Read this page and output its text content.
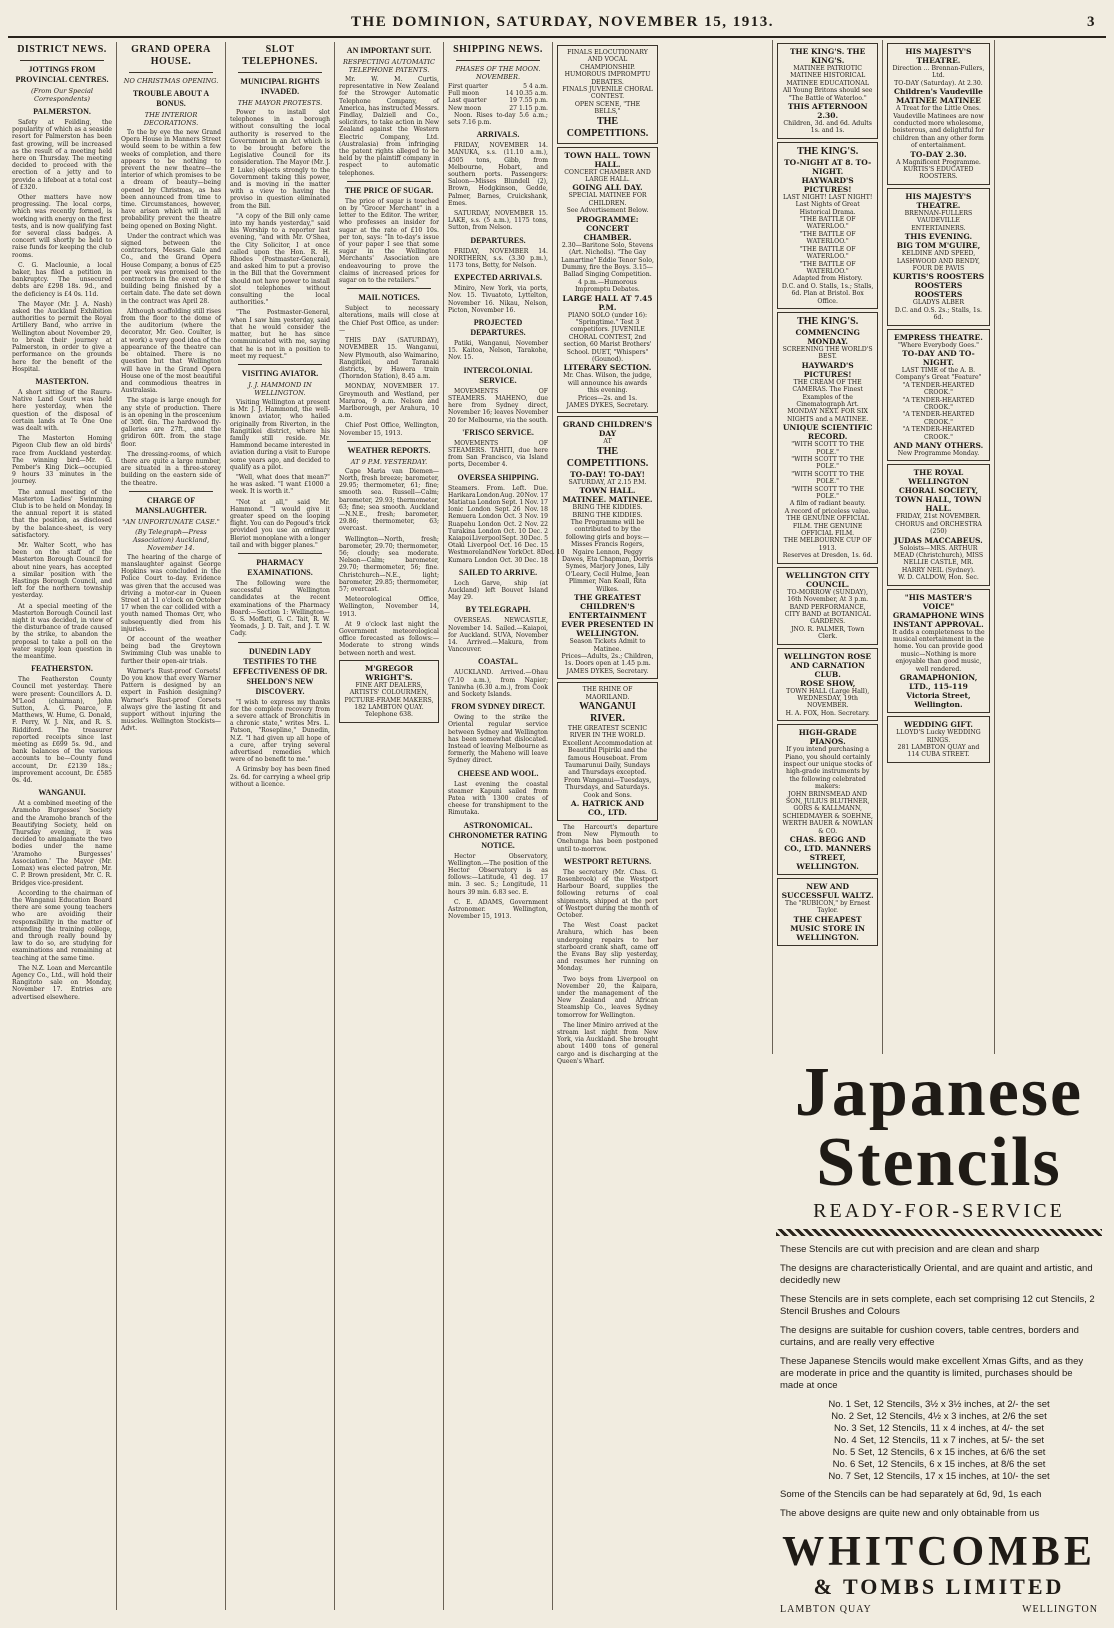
THE DOMINION, SATURDAY, NOVEMBER 15, 1913.	3
DISTRICT NEWS.
JOTTINGS FROM PROVINCIAL CENTRES.
(From Our Special Correspondents)
PALMERSTON.

Safety at Feilding, the popularity of which as a seaside resort for Palmerston has been fast growing, will be increased as the result of a meeting held here on Thursday. The meeting decided to proceed with the erection of a jetty and to provide a lifeboat at a total cost of £320.

Other matters have now progressing. The local corps, which was recently formed, is working with energy on the first tests, and is now qualifying fast for several class badges. A concert will shortly be held to raise funds for keeping the club rooms.

C. G. Maclounie, a local baker, has filed a petition in bankruptcy. The unsecured debts are £298 18s. 9d., and the deficiency is £4 0s. 11d.

The Mayor (Mr. J. A. Nash) asked the Auckland Exhibition authorities to permit the Royal Artillery Band, who arrive in Wellington about November 29, to break their journey at Palmerston, in order to give a performance on the grounds here for the benefit of the Hospital.

MASTERTON.

A short sitting of the Rauru-Native Land Court was held here yesterday, when the question of the disposal of certain lands at Te One One was dealt with.

The Masterton Homing Pigeon Club flew an old birds' race from Auckland yesterday. The winning bird—Mr. G. Pember's King Dick—occupied 9 hours 33 minutes in the journey.

The annual meeting of the Masterton Ladies' Swimming Club is to be held on Monday. In the annual report it is stated that the position, as disclosed by the balance-sheet, is very satisfactory.

Mr. Walter Scott, who has been on the staff of the Masterton Borough Council for about nine years, has accepted a similar position with the Hastings Borough Council, and left for the northern township yesterday.

At a special meeting of the Masterton Borough Council last night it was decided, in view of the disturbance of trade caused by the strike, to abandon the proposal to take a poll on the water supply loan question in the meantime.

FEATHERSTON.

The Featherston County Council met yesterday. There were present: Councillors A. D. M'Leod (chairman), John Sutton, A. G. Pearce, F. Matthews, W. Hume, G. Donald, F. Perry, W. J. Nix, and R. S. Riddiford. The treasurer reported receipts since last meeting as £699 5s. 9d., and bank balances of the various accounts to be—County fund account, Dr. £2139 18s.; improvement account, Dr. £585 0s. 4d.

WANGANUI.

At a combined meeting of the Aramoho Burgesses' Society and the Aramoho branch of the Beautifying Society, held on Thursday evening, it was decided to amalgamate the two bodies under the name 'Aramoho Burgesses' Association.' The Mayor (Mr. Lomax) was elected patron, Mr. C. P. Brown president, Mr. C. R. Bridges vice-president.

According to the chairman of the Wanganui Education Board there are some young teachers who are avoiding their responsibility in the matter of attending the training college, and through really bound by law to do so, are studying for examinations and remaining at teaching at the same time.

The N.Z. Loan and Mercantile Agency Co., Ltd., will hold their Rangitoto sale on Monday, November 17. Entries are advertised elsewhere.

GRAND OPERA HOUSE.
NO CHRISTMAS OPENING.
TROUBLE ABOUT A BONUS.
THE INTERIOR DECORATIONS.

To the by eye the new Grand Opera House in Manners Street would seem to be within a few weeks of completion, and there appears to be nothing to prevent the new theatre—the interior of which promises to be a dream of beauty—being opened by Christmas, as has been announced from time to time. Circumstances, however, have arisen which will in all probability prevent the theatre being opened on Boxing Night.

Under the contract which was signed between the contractors, Messrs. Gale and Co., and the Grand Opera House Company, a bonus of £25 per week was promised to the contractors in the event of the building being finished by a certain date. The date set down in the contract was April 28.

Although scaffolding still rises from the floor to the dome of the auditorium (where the decorator, Mr. Geo. Coulter, is at work) a very good idea of the appearance of the theatre can be obtained. There is no question but that Wellington will have in the Grand Opera House one of the most beautiful and commodious theatres in Australasia.

The stage is large enough for any style of production. There is an opening in the proscenium of 30ft. 6in. The hardwood fly-galleries are 27ft., and the gridiron 60ft. from the stage floor.

The dressing-rooms, of which there are quite a large number, are situated in a three-storey building on the eastern side of the theatre.

CHARGE OF MANSLAUGHTER.
"AN UNFORTUNATE CASE."
(By Telegraph—Press Association) Auckland, November 14.

The hearing of the charge of manslaughter against George Hopkins was concluded in the Police Court to-day. Evidence was given that the accused was driving a motor-car in Queen Street at 11 o'clock on October 17 when the car collided with a youth named Thomas Orr, who subsequently died from his injuries.

Of account of the weather being bad the Greytown Swimming Club was unable to further their open-air trials.

Warner's Rust-proof Corsets! Do you know that every Warner Pattern is designed by an expert in Fashion designing? Warner's Rust-proof Corsets always give the lasting fit and support without injuring the muscles. Wellington Stockists—Advt.

SLOT TELEPHONES.
MUNICIPAL RIGHTS INVADED.
THE MAYOR PROTESTS.

Power to install slot telephones in a borough without consulting the local authority is reserved to the Government in an Act which is to be brought before the Legislative Council for its consideration. The Mayor (Mr. J. P. Luke) objects strongly to the Government taking this power, and is moving in the matter with a view to having the proviso in question eliminated from the Bill.

"A copy of the Bill only came into my hands yesterday," said his Worship to a reporter last evening, "and with Mr. O'Shea, the City Solicitor, I at once called upon the Hon. R. H. Rhodes (Postmaster-General), and asked him to put a proviso in the Bill that the Government should not have power to install slot telephones without consulting the local authorities."

"The Postmaster-General, when I saw him yesterday, said that he would consider the matter, but he has since communicated with me, saying that he is not in a position to meet my request."

VISITING AVIATOR.
J. J. HAMMOND IN WELLINGTON.

Visiting Wellington at present is Mr. J. J. Hammond, the well-known aviator, who hailed originally from Riverton, in the Rangitikei district, where his family still reside. Mr. Hammond became interested in aviation during a visit to Europe some years ago, and decided to qualify as a pilot.

"Well, what does that mean?" he was asked. "I want £1000 a week. It is worth it."

"Not at all," said Mr. Hammond. "I would give it greater speed on the looping flight. You can do Pegoud's trick provided you use an ordinary Bleriot monoplane with a longer tail and with bigger planes."

PHARMACY EXAMINATIONS.

The following were the successful Wellington candidates at the recent examinations of the Pharmacy Board:—Section 1: Wellington—G. S. Moffatt, G. C. Tait, R. W. Yeomads, J. D. Tait, and J. T. W. Cady.

DUNEDIN LADY TESTIFIES TO THE EFFECTIVENESS OF DR. SHELDON'S NEW DISCOVERY.

"I wish to express my thanks for the complete recovery from a severe attack of Bronchitis in a chronic state," writes Mrs. L. Patson, "Rosepline," Dunedin, N.Z. "I had given up all hope of a cure, after trying several advertised remedies which were of no benefit to me."

A Grimsby boy has been fined 2s. 6d. for carrying a wheel grip without a licence.

AN IMPORTANT SUIT.
RESPECTING AUTOMATIC TELEPHONE PATENTS.

Mr. W. M. Curtis, representative in New Zealand for the Strowger Automatic Telephone Company, of America, has instructed Messrs. Findlay, Dalziell and Co., solicitors, to take action in New Zealand against the Western Electric Company, Ltd. (Australasia) from infringing the patent rights alleged to be held by the plaintiff company in respect to automatic telephones.

THE PRICE OF SUGAR.

The price of sugar is touched on by "Grocer Merchant" in a letter to the Editor. The writer, who professes an insider for sugar at the rate of £10 10s. per ton, says: "In to-day's issue of your paper I see that some sugar in the Wellington Merchants' Association are endeavouring to prove the claims of increased prices for sugar on to the retailers."

MAIL NOTICES.

Subject to necessary alterations, mails will close at the Chief Post Office, as under:—

THIS DAY (SATURDAY), NOVEMBER 15. Wanganui, New Plymouth, also Waimarino, Rangitikei, and Taranaki districts, by Hawera train (Thorndon Station), 8.45 a.m.

MONDAY, NOVEMBER 17. Greymouth and Westland, per Mararoa, 9 a.m. Nelson and Marlborough, per Arahura, 10 a.m.

Chief Post Office, Wellington, November 15, 1913.

WEATHER REPORTS.
AT 9 P.M. YESTERDAY.

Cape Maria van Diemen—North, fresh breeze; barometer, 29.95; thermometer, 61; fine; smooth sea. Russell—Calm; barometer, 29.93; thermometer, 63; fine; sea smooth. Auckland—N.N.E., fresh; barometer, 29.86; thermometer, 63; overcast.

Wellington—North, fresh; barometer, 29.70; thermometer, 56; cloudy; sea moderate. Nelson—Calm; barometer, 29.70; thermometer, 56; fine. Christchurch—N.E., light; barometer, 29.85; thermometer, 57; overcast.

Meteorological Office, Wellington, November 14, 1913.

At 9 o'clock last night the Government meteorological office forecasted as follows:—Moderate to strong winds between north and west.

M'GREGOR WRIGHT'S.
FINE ART DEALERS,
ARTISTS' COLOURMEN,
PICTURE-FRAME MAKERS,
182 LAMBTON QUAY.
Telephone 638.
SHIPPING NEWS.
PHASES OF THE MOON. NOVEMBER.
First quarter	5 4 a.m.
Full moon	14 10.35 a.m.
Last quarter	19 7.55 p.m.
New moon	27 1.15 p.m.

Noon. Rises to-day 5.6 a.m.; sets 7.16 p.m.

ARRIVALS.

FRIDAY, NOVEMBER 14. MANUKA, s.s. (11.10 a.m.), 4505 tons, Gibb, from Melbourne, Hobart, and southern ports. Passengers: Saloon—Misses Blundell (2), Brown, Hodgkinson, Gedde, Palmer, Barnes, Cruickshank, Emes.

SATURDAY, NOVEMBER 15. LAKE, s.s. (5 a.m.), 1175 tons, Sutton, from Nelson.

DEPARTURES.

FRIDAY, NOVEMBER 14. NORTHERN, s.s. (3.30 p.m.), 1173 tons, Betty, for Nelson.

EXPECTED ARRIVALS.

Miniro, New York, via ports, Nov. 15. Tivuatoto, Lyttelton, November 16. Nikau, Nelson, Picton, November 16.

PROJECTED DEPARTURES.

Patiki, Wanganui, November 15. Kaitoa, Nelson, Tarakohe, Nov. 15.

INTERCOLONIAL SERVICE.

MOVEMENTS OF STEAMERS. MAHENO, due here from Sydney direct, November 16; leaves November 20 for Melbourne, via the south.

'FRISCO SERVICE.

MOVEMENTS OF STEAMERS. TAHITI, due here from San Francisco, via Island ports, December 4.

OVERSEA SHIPPING.
Steamers. From. Left. Due.
Harikara London Aug. 20 Nov. 17
Matiatua London Sept. 1 Nov. 17
Ionic London Sept. 26 Nov. 18
Remuera London Oct. 3 Nov. 19
Ruapehu London Oct. 2 Nov. 22
Turakina London Oct. 10 Dec. 2
Kaiapoi Liverpool Sept. 30 Dec. 5
Otaki Liverpool Oct. 16 Dec. 15
Westmoreland New York Oct. 8 Dec. 10
Kumara London Oct. 30 Dec. 18
SAILED TO ARRIVE.

Loch Garve, ship (at Auckland) left Bouvet Island May 29.

BY TELEGRAPH.

OVERSEAS. NEWCASTLE, November 14. Sailed.—Kaiapoi, for Auckland. SUVA, November 14. Arrived.—Makura, from Vancouver.

COASTAL.

AUCKLAND. Arrived.—Ohau (7.10 a.m.), from Napier; Taniwha (6.30 a.m.), from Cook and Sockety Islands.

FROM SYDNEY DIRECT.

Owing to the strike the Oriental regular service between Sydney and Wellington has been somewhat dislocated. Instead of leaving Melbourne as formerly, the Maheno will leave Sydney direct.

CHEESE AND WOOL.

Last evening the coastal steamer Kapuni sailed from Patea with 1300 crates of cheese for transhipment to the Rimutaka.

ASTRONOMICAL. CHRONOMETER RATING NOTICE.

Hector Observatory, Wellington.—The position of the Hector Observatory is as follows:—Latitude, 41 deg. 17 min. 3 sec. S.; Longitude, 11 hours 39 min. 6.83 sec. E.

C. E. ADAMS, Government Astronomer. Wellington, November 15, 1913.

FINALS ELOCUTIONARY AND VOCAL CHAMPIONSHIP.
HUMOROUS IMPROMPTU DEBATES.
FINALS JUVENILE CHORAL CONTEST.
OPEN SCENE, "THE BELLS,"
THE COMPETITIONS.
TOWN HALL. TOWN HALL.
CONCERT CHAMBER AND LARGE HALL.
GOING ALL DAY.
SPECIAL MATINEE FOR CHILDREN.
See Advertisement Below.
PROGRAMME: CONCERT CHAMBER.
2.30—Baritone Solo, Stevens (Art. Nicholls). "The Gay Lamartine" Eddie Tenor Solo, Dummy, fire the Boys. 3.15—Ballad Singing Competition. 4 p.m.—Humorous Impromptu Debates.
LARGE HALL AT 7.45 P.M.
PIANO SOLO (under 16): "Springtime." Test 3 competitors. JUVENILE CHORAL CONTEST, 2nd section, 60 Marist Brothers' School. DUET, "Whispers" (Gounod).
LITERARY SECTION.
Mr. Chas. Wilson, the judge, will announce his awards this evening.
Prices—2s. and 1s.
JAMES DYKES, Secretary.
GRAND CHILDREN'S DAY
AT
THE COMPETITIONS.
TO-DAY! TO-DAY!
SATURDAY, AT 2.15 P.M.
TOWN HALL.
MATINEE. MATINEE.
BRING THE KIDDIES. BRING THE KIDDIES.
The Programme will be contributed to by the following girls and boys:—
Misses Francis Rogers, Ngaire Lennon, Peggy Dawes, Eta Chapman, Dorris Symes, Marjory Jones, Lily O'Leary, Cecil Hulme, Jean Plimmer, Nan Keall, Rita Wilkes.
THE GREATEST CHILDREN'S ENTERTAINMENT EVER PRESENTED IN WELLINGTON.
Season Tickets Admit to Matinee.
Prices—Adults, 2s.; Children, 1s. Doors open at 1.45 p.m.
JAMES DYKES, Secretary.
THE RHINE OF MAORILAND.
WANGANUI RIVER.
THE GREATEST SCENIC RIVER IN THE WORLD.
Excellent Accommodation at Beautiful Pipiriki and the famous Houseboat. From Taumarunui Daily, Sundays and Thursdays excepted. From Wanganui—Tuesdays, Thursdays, and Saturdays.
Cook and Sons.
A. HATRICK AND CO., LTD.

The Harcourt's departure from New Plymouth to Onehunga has been postponed until to-morrow.

WESTPORT RETURNS.

The secretary (Mr. Chas. G. Rosenbrook) of the Westport Harbour Board, supplies the following returns of coal shipments, shipped at the port of Westport during the month of October.

The West Coast packet Arahura, which has been undergoing repairs to her starboard crank shaft, came off the Evans Bay slip yesterday, and resumes her running on Monday.

Two boys from Liverpool on November 20, the Kaipara, under the management of the New Zealand and African Steamship Co., leaves Sydney tomorrow for Wellington.

The liner Miniro arrived at the stream last night from New York, via Auckland. She brought about 1400 tons of general cargo and is discharging at the Queen's Wharf.

THE KING'S. THE KING'S.
MATINEE PATRIOTIC
MATINEE HISTORICAL
MATINEE EDUCATIONAL
All Young Britons should see "The Battle of Waterloo."
THIS AFTERNOON 2.30.
Children, 3d. and 6d. Adults 1s. and 1s.
THE KING'S.
TO-NIGHT AT 8. TO-NIGHT.
HAYWARD'S PICTURES!
LAST NIGHT! LAST NIGHT!
Last Nights of Great Historical Drama.
"THE BATTLE OF WATERLOO."
"THE BATTLE OF WATERLOO."
"THE BATTLE OF WATERLOO."
"THE BATTLE OF WATERLOO."
Adapted from History.
D.C. and O. Stalls, 1s.; Stalls, 6d. Plan at Bristol. Box Office.
THE KING'S.
COMMENCING MONDAY.
SCREENING THE WORLD'S BEST.
HAYWARD'S PICTURES!
THE CREAM OF THE CAMERAS. The Finest Examples of the Cinematograph Art.
MONDAY NEXT. FOR SIX NIGHTS and a MATINEE.
UNIQUE SCIENTIFIC RECORD.
"WITH SCOTT TO THE POLE."
"WITH SCOTT TO THE POLE."
"WITH SCOTT TO THE POLE."
"WITH SCOTT TO THE POLE."
A film of radiant beauty.
A record of priceless value. THE GENUINE OFFICIAL FILM. THE GENUINE OFFICIAL FILM.
THE MELBOURNE CUP OF 1913.
Reserves at Dresden, 1s. 6d.
WELLINGTON CITY COUNCIL.
TO-MORROW (SUNDAY), 16th November, At 3 p.m.
BAND PERFORMANCE, CITY BAND at BOTANICAL GARDENS.
JNO. R. PALMER, Town Clerk.
WELLINGTON ROSE AND CARNATION CLUB.
ROSE SHOW,
TOWN HALL (Large Hall), WEDNESDAY, 19th NOVEMBER.
H. A. FOX, Hon. Secretary.
HIGH-GRADE PIANOS.
If you intend purchasing a Piano, you should certainly inspect our unique stocks of high-grade instruments by the following celebrated makers:
JOHN BRINSMEAD AND SON, JULIUS BLUTHNER, GORS & KALLMANN, SCHIEDMAYER & SOEHNE, WERTH BAUER & NOWLAN & CO.
CHAS. BEGG AND CO., LTD. MANNERS STREET, WELLINGTON.
NEW AND SUCCESSFUL WALTZ.
The "RUBICON," by Ernest Taylor.
THE CHEAPEST MUSIC STORE IN WELLINGTON.
HIS MAJESTY'S THEATRE.
Direction ... Brennan-Fullers, Ltd.
TO-DAY (Saturday). At 2.30.
Children's Vaudeville MATINEE MATINEE
A Treat for the Little Ones. Vaudeville Matinees are now conducted more wholesome, boisterous, and delightful for children than any other form of entertainment.
TO-DAY 2.30.
A Magnificent Programme. KURTIS'S EDUCATED ROOSTERS.
HIS MAJESTY'S THEATRE.
BRENNAN-FULLERS VAUDEVILLE ENTERTAINERS.
THIS EVENING.
BIG TOM M'GUIRE,
KELDINE AND SPEED,
LASHWOOD AND BENDY,
FOUR DE PAVIS
KURTIS'S ROOSTERS ROOSTERS ROOSTERS
GLADYS ALBER
D.C. and O.S. 2s.; Stalls, 1s. 6d.
EMPRESS THEATRE.
"Where Everybody Goes."
TO-DAY AND TO-NIGHT.
LAST TIME of the A. B. Company's Great "Feature"
"A TENDER-HEARTED CROOK."
"A TENDER-HEARTED CROOK."
"A TENDER-HEARTED CROOK."
"A TENDER-HEARTED CROOK."
AND MANY OTHERS.
New Programme Monday.
THE ROYAL WELLINGTON CHORAL SOCIETY,
TOWN HALL, TOWN HALL.
FRIDAY, 21st NOVEMBER.
CHORUS and ORCHESTRA (250)
JUDAS MACCABEUS.
Soloists—MRS. ARTHUR MEAD (Christchurch), MISS NELLIE CASTLE, MR. HARRY NEIL (Sydney).
W. D. CALDOW, Hon. Sec.
"HIS MASTER'S VOICE" GRAMAPHONE WINS INSTANT APPROVAL.
It adds a completeness to the musical entertainment in the home. You can provide good music—Nothing is more enjoyable than good music, well rendered.
GRAMAPHONION, LTD., 115-119 Victoria Street, Wellington.
WEDDING GIFT.
LLOYD'S Lucky WEDDING RINGS.
281 LAMBTON QUAY and 114 CUBA STREET.
Japanese
Stencils
READY-FOR-SERVICE

These Stencils are cut with precision and are clean and sharp

The designs are characteristically Oriental, and are quaint and artistic, and decidedly new

These Stencils are in sets complete, each set comprising 12 cut Stencils, 2 Stencil Brushes and Colours

The designs are suitable for cushion covers, table centres, borders and curtains, and are really very effective

These Japanese Stencils would make excellent Xmas Gifts, and as they are moderate in price and the quantity is limited, purchases should be made at once

No. 1 Set, 12 Stencils, 3½ x 3½ inches, at 2/- the set
No. 2 Set, 12 Stencils, 4½ x 3 inches, at 2/6 the set
No. 3 Set, 12 Stencils, 11 x 4 inches, at 4/- the set
No. 4 Set, 12 Stencils, 11 x 7 inches, at 5/- the set
No. 5 Set, 12 Stencils, 6 x 15 inches, at 6/6 the set
No. 6 Set, 12 Stencils, 6 x 15 inches, at 8/6 the set
No. 7 Set, 12 Stencils, 17 x 15 inches, at 10/- the set

Some of the Stencils can be had separately at 6d, 9d, 1s each

The above designs are quite new and only obtainable from us

WHITCOMBE
& TOMBS LIMITED
LAMBTON QUAY	WELLINGTON
